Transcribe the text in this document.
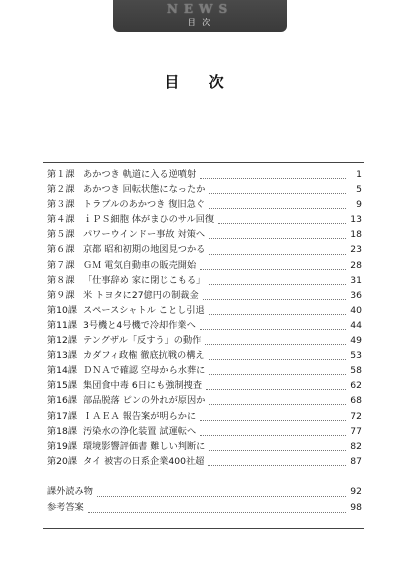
NEWS
目 次
目 次
第１課 あかつき 軌道に入る逆噴射	1
第２課 あかつき 回転状態になったか	5
第３課 トラブルのあかつき 復旧急ぐ	9
第４課 ｉＰＳ細胞 体がまひのサル回復	13
第５課 パワーウインドー事故 対策へ	18
第６課 京都 昭和初期の地図見つかる	23
第７課 ＧＭ 電気自動車の販売開始	28
第８課 「仕事辞め 家に閉じこもる」	31
第９課 米 トヨタに27億円の制裁金	36
第10課 スペースシャトル ことし引退	40
第11課 3号機と4号機で冷却作業へ	44
第12課 テングザル「反すう」の動作	49
第13課 カダフィ政権 徹底抗戦の構え	53
第14課 ＤＮＡで確認 空母から水葬に	58
第15課 集団食中毒 6日にも強制捜査	62
第16課 部品脱落 ピンの外れが原因か	68
第17課 ＩＡＥＡ 報告案が明らかに	72
第18課 汚染水の浄化装置 試運転へ	77
第19課 環境影響評価書 難しい判断に	82
第20課 タイ 被害の日系企業400社超	87
課外読み物	92
参考答案	98
